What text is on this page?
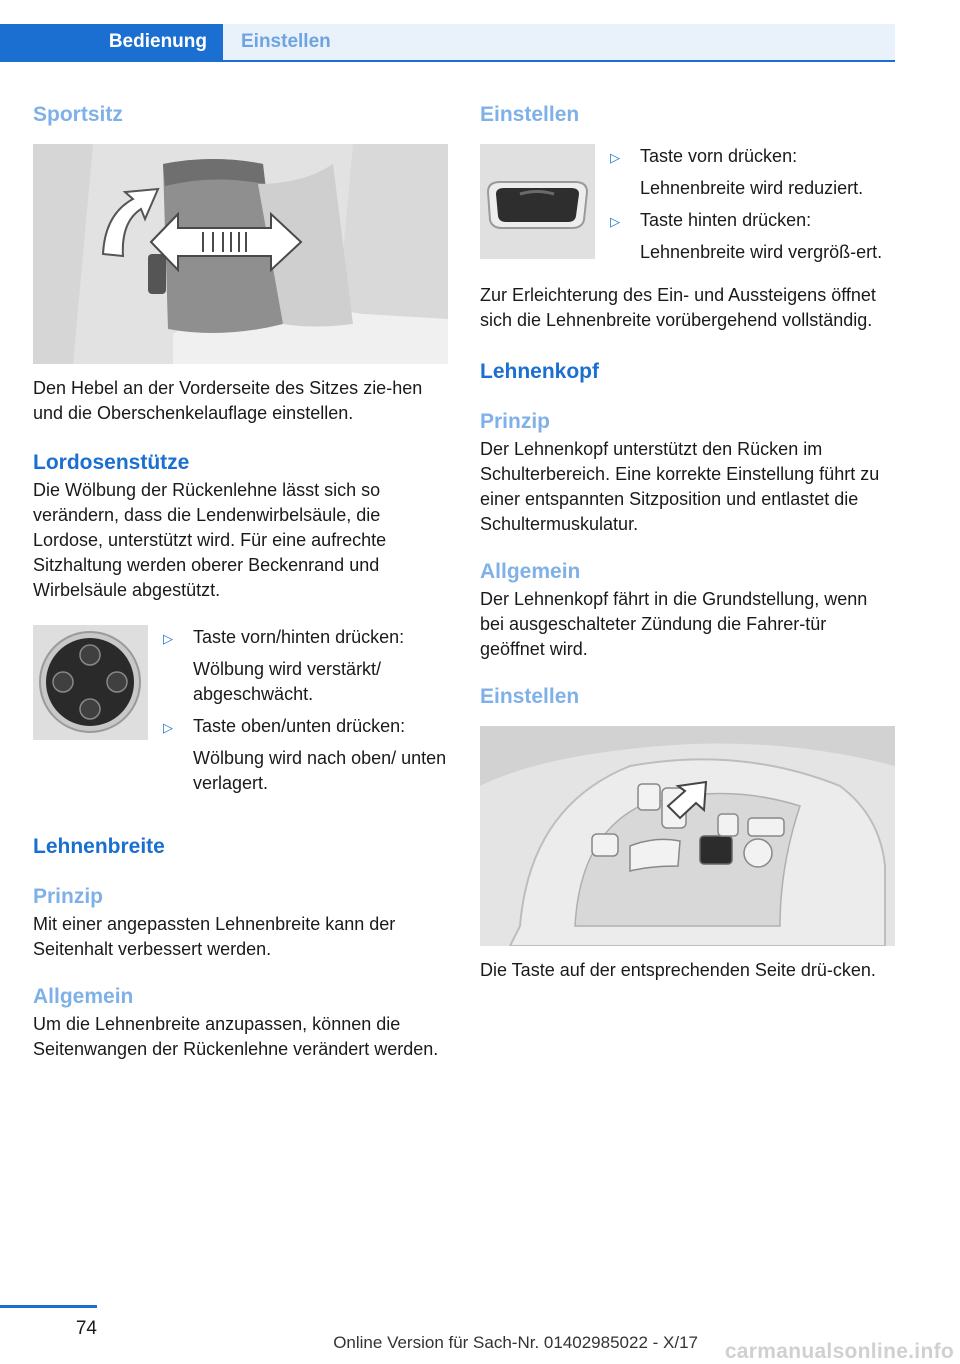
Bedienung	Einstellen
Sportsitz

Den Hebel an der Vorderseite des Sitzes zie-hen und die Oberschenkelauflage einstellen.

Lordosenstütze

Die Wölbung der Rückenlehne lässt sich so verändern, dass die Lendenwirbelsäule, die Lordose, unterstützt wird. Für eine aufrechte Sitzhaltung werden oberer Beckenrand und Wirbelsäule abgestützt.

▷	Taste vorn/hinten drücken:

Wölbung wird verstärkt/ abgeschwächt.

▷	Taste oben/unten drücken:

Wölbung wird nach oben/ unten verlagert.

Lehnenbreite
Prinzip

Mit einer angepassten Lehnenbreite kann der Seitenhalt verbessert werden.

Allgemein

Um die Lehnenbreite anzupassen, können die Seitenwangen der Rückenlehne verändert werden.

Einstellen
▷	Taste vorn drücken:

Lehnenbreite wird reduziert.

▷	Taste hinten drücken:

Lehnenbreite wird vergröß-ert.

Zur Erleichterung des Ein- und Aussteigens öffnet sich die Lehnenbreite vorübergehend vollständig.

Lehnenkopf
Prinzip

Der Lehnenkopf unterstützt den Rücken im Schulterbereich. Eine korrekte Einstellung führt zu einer entspannten Sitzposition und entlastet die Schultermuskulatur.

Allgemein

Der Lehnenkopf fährt in die Grundstellung, wenn bei ausgeschalteter Zündung die Fahrer-tür geöffnet wird.

Einstellen

Die Taste auf der entsprechenden Seite drü-cken.

74
Online Version für Sach-Nr. 01402985022 - X/17	carmanualsonline.info
